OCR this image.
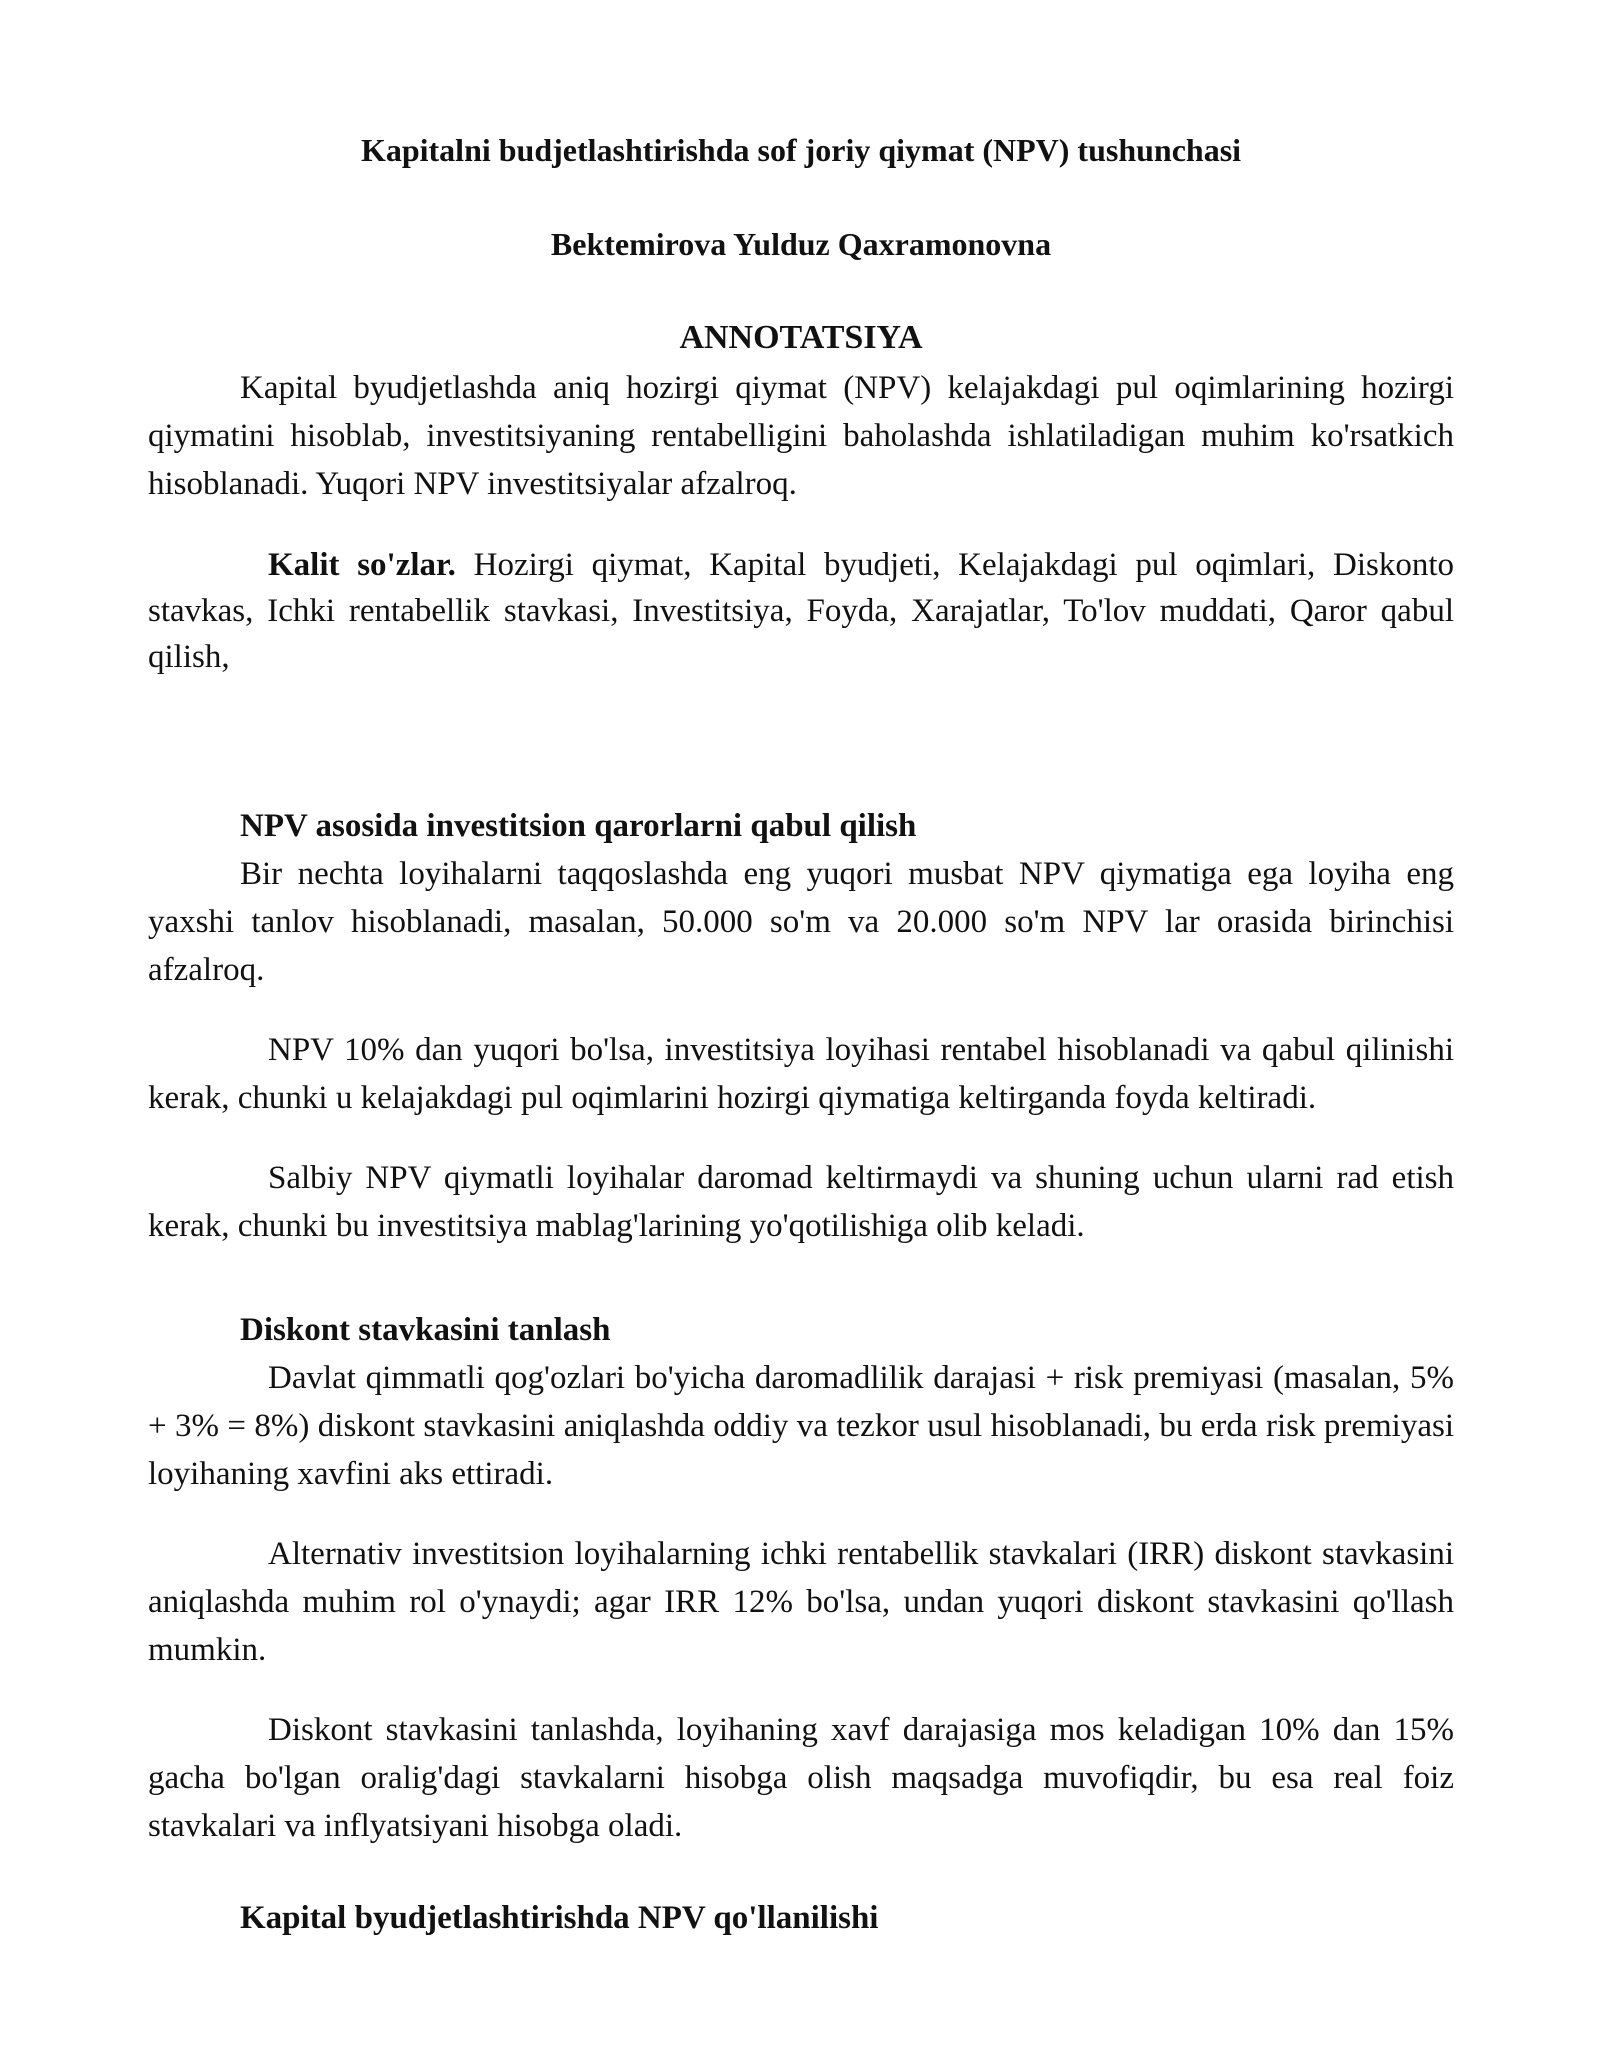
Kapitalni budjetlashtirishda sof joriy qiymat (NPV) tushunchasi

Bektemirova Yulduz Qaxramonovna

ANNOTATSIYA

Kapital byudjetlashda aniq hozirgi qiymat (NPV) kelajakdagi pul oqimlarining hozirgi qiymatini hisoblab, investitsiyaning rentabelligini baholashda ishlatiladigan muhim ko'rsatkich hisoblanadi. Yuqori NPV investitsiyalar afzalroq.

Kalit so'zlar. Hozirgi qiymat, Kapital byudjeti, Kelajakdagi pul oqimlari, Diskonto stavkas, Ichki rentabellik stavkasi, Investitsiya, Foyda, Xarajatlar, To'lov muddati, Qaror qabul qilish,

NPV asosida investitsion qarorlarni qabul qilish

Bir nechta loyihalarni taqqoslashda eng yuqori musbat NPV qiymatiga ega loyiha eng yaxshi tanlov hisoblanadi, masalan, 50.000 so'm va 20.000 so'm NPV lar orasida birinchisi afzalroq.

NPV 10% dan yuqori bo'lsa, investitsiya loyihasi rentabel hisoblanadi va qabul qilinishi kerak, chunki u kelajakdagi pul oqimlarini hozirgi qiymatiga keltirganda foyda keltiradi.

Salbiy NPV qiymatli loyihalar daromad keltirmaydi va shuning uchun ularni rad etish kerak, chunki bu investitsiya mablag'larining yo'qotilishiga olib keladi.

Diskont stavkasini tanlash

Davlat qimmatli qog'ozlari bo'yicha daromadlilik darajasi + risk premiyasi (masalan, 5% + 3% = 8%) diskont stavkasini aniqlashda oddiy va tezkor usul hisoblanadi, bu erda risk premiyasi loyihaning xavfini aks ettiradi.

Alternativ investitsion loyihalarning ichki rentabellik stavkalari (IRR) diskont stavkasini aniqlashda muhim rol o'ynaydi; agar IRR 12% bo'lsa, undan yuqori diskont stavkasini qo'llash mumkin.

Diskont stavkasini tanlashda, loyihaning xavf darajasiga mos keladigan 10% dan 15% gacha bo'lgan oralig'dagi stavkalarni hisobga olish maqsadga muvofiqdir, bu esa real foiz stavkalari va inflyatsiyani hisobga oladi.

Kapital byudjetlashtirishda NPV qo'llanilishi
